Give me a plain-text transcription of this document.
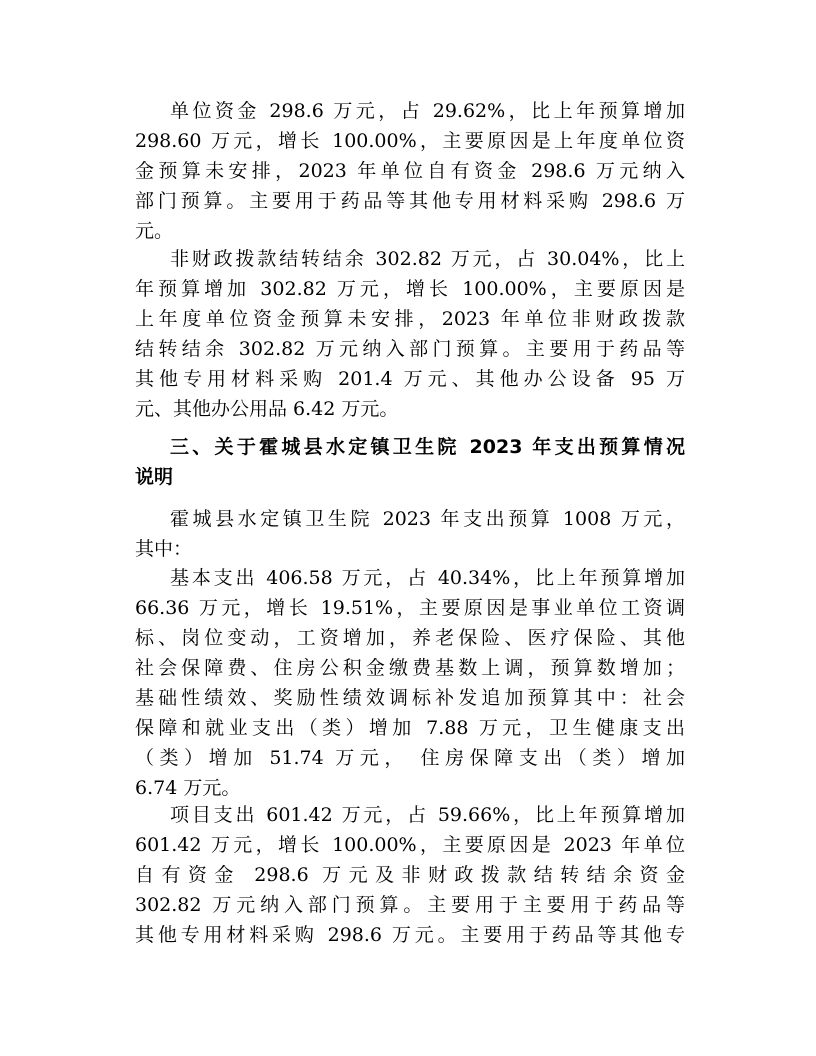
单位资金 298.6 万元，占 29.62%，比上年预算增加
298.60 万元，增长 100.00%，主要原因是上年度单位资
金预算未安排，2023 年单位自有资金 298.6 万元纳入
部门预算。主要用于药品等其他专用材料采购 298.6 万
元。
非财政拨款结转结余 302.82 万元，占 30.04%，比上
年预算增加 302.82 万元，增长 100.00%，主要原因是
上年度单位资金预算未安排，2023 年单位非财政拨款
结转结余 302.82 万元纳入部门预算。主要用于药品等
其他专用材料采购 201.4 万元、其他办公设备 95 万
元、其他办公用品 6.42 万元。
三、关于霍城县水定镇卫生院 2023 年支出预算情况
说明
霍城县水定镇卫生院 2023 年支出预算 1008 万元，
其中：
基本支出 406.58 万元，占 40.34%，比上年预算增加
66.36 万元，增长 19.51%，主要原因是事业单位工资调
标、岗位变动，工资增加，养老保险、医疗保险、其他
社会保障费、住房公积金缴费基数上调，预算数增加；
基础性绩效、奖励性绩效调标补发追加预算其中：社会
保障和就业支出（类）增加 7.88 万元，卫生健康支出
（类）增加 51.74 万元， 住房保障支出（类）增加
6.74 万元。
项目支出 601.42 万元，占 59.66%，比上年预算增加
601.42 万元，增长 100.00%，主要原因是 2023 年单位
自有资金 298.6 万元及非财政拨款结转结余资金
302.82 万元纳入部门预算。主要用于主要用于药品等
其他专用材料采购 298.6 万元。主要用于药品等其他专
